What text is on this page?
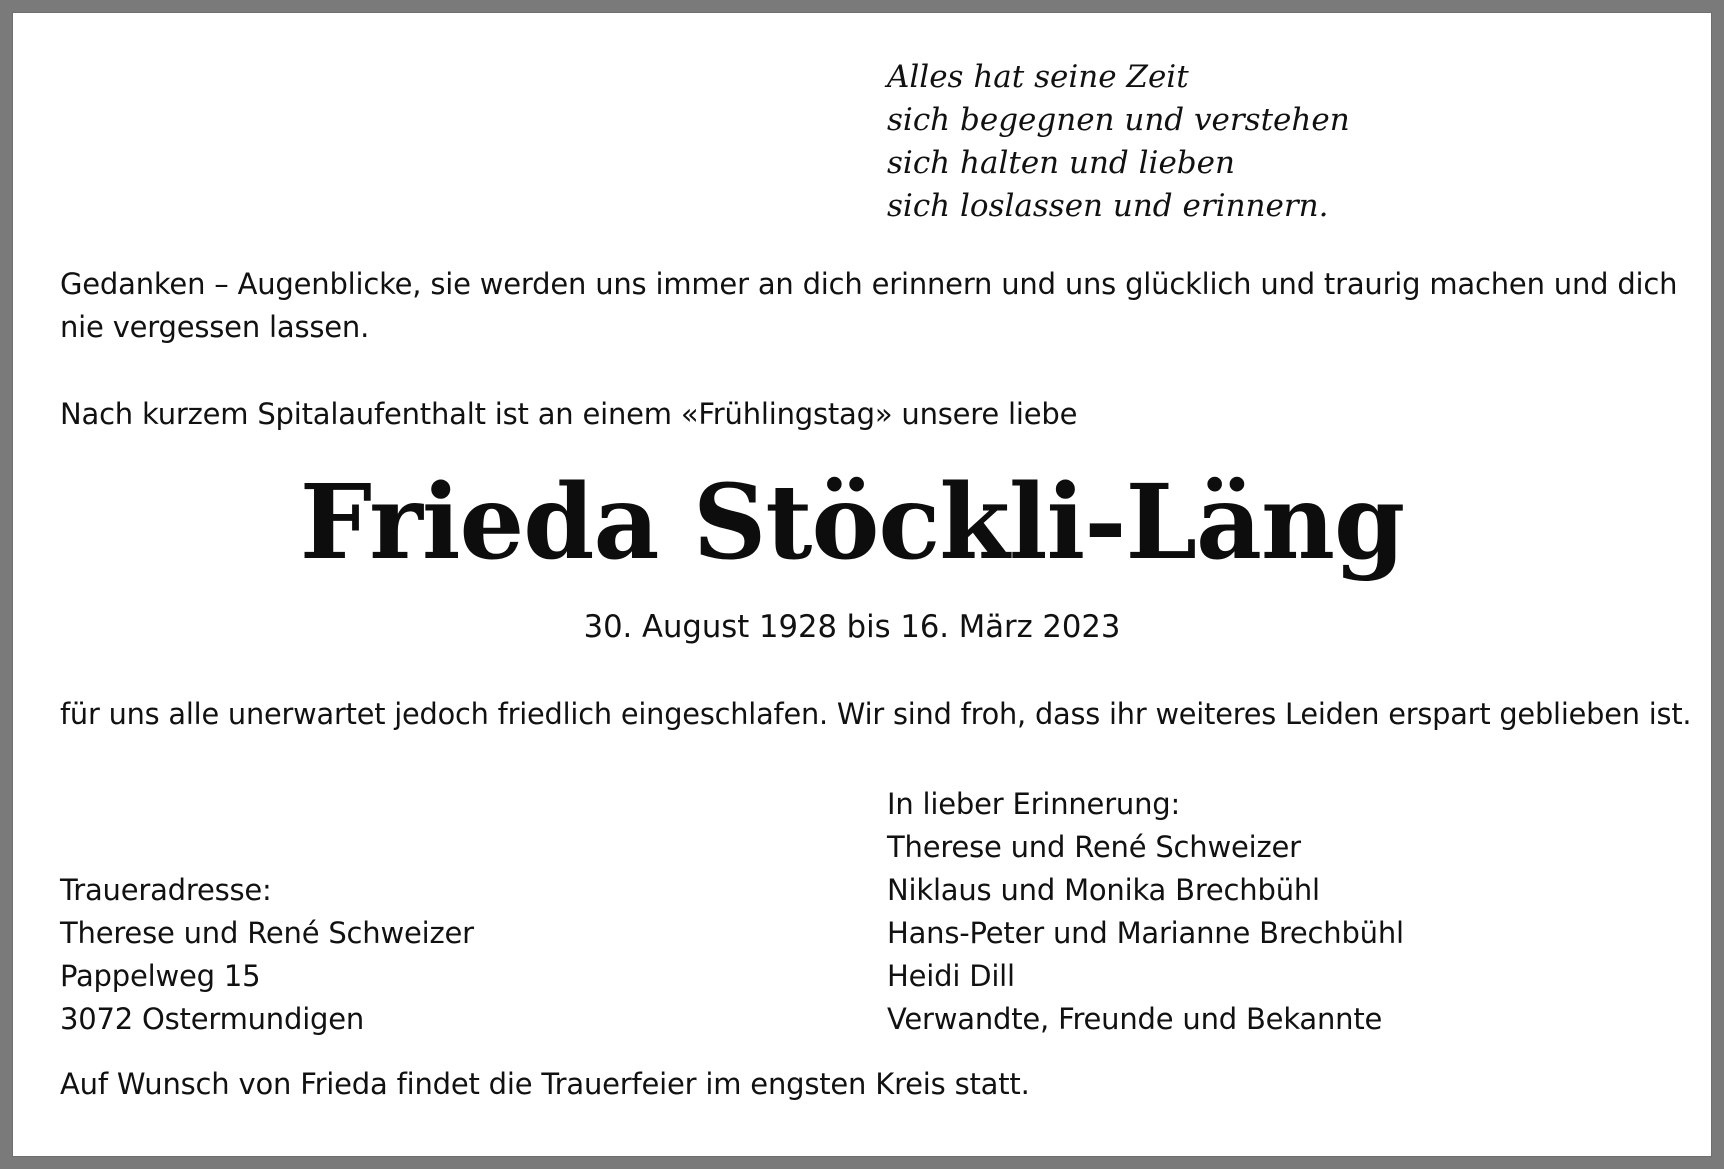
Alles hat seine Zeit
sich begegnen und verstehen
sich halten und lieben
sich loslassen und erinnern.
Gedanken – Augenblicke, sie werden uns immer an dich erinnern und uns glücklich und traurig machen und dich
nie vergessen lassen.

Nach kurzem Spitalaufenthalt ist an einem «Frühlingstag» unsere liebe

Frieda Stöckli-Läng

30. August 1928 bis 16. März 2023

für uns alle unerwartet jedoch friedlich eingeschlafen. Wir sind froh, dass ihr weiteres Leiden erspart geblieben ist.

In lieber Erinnerung:
Therese und René Schweizer
Niklaus und Monika Brechbühl
Hans-Peter und Marianne Brechbühl
Heidi Dill
Verwandte, Freunde und Bekannte
Traueradresse:
Therese und René Schweizer
Pappelweg 15
3072 Ostermundigen

Auf Wunsch von Frieda findet die Trauerfeier im engsten Kreis statt.
